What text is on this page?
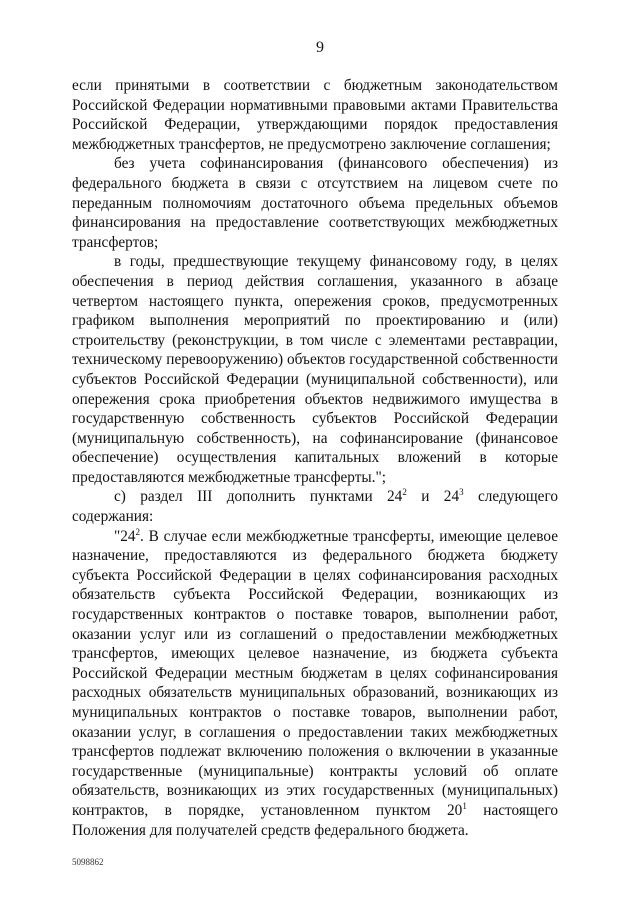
9

если принятыми в соответствии с бюджетным законодательством Российской Федерации нормативными правовыми актами Правительства Российской Федерации, утверждающими порядок предоставления межбюджетных трансфертов, не предусмотрено заключение соглашения;

без учета софинансирования (финансового обеспечения) из федерального бюджета в связи с отсутствием на лицевом счете по переданным полномочиям достаточного объема предельных объемов финансирования на предоставление соответствующих межбюджетных трансфертов;

в годы, предшествующие текущему финансовому году, в целях обеспечения в период действия соглашения, указанного в абзаце четвертом настоящего пункта, опережения сроков, предусмотренных графиком выполнения мероприятий по проектированию и (или) строительству (реконструкции, в том числе с элементами реставрации, техническому перевооружению) объектов государственной собственности субъектов Российской Федерации (муниципальной собственности), или опережения срока приобретения объектов недвижимого имущества в государственную собственность субъектов Российской Федерации (муниципальную собственность), на софинансирование (финансовое обеспечение) осуществления капитальных вложений в которые предоставляются межбюджетные трансферты.";

с) раздел III дополнить пунктами $24^2$ и $24^3$ следующего содержания:

"$24^2$. В случае если межбюджетные трансферты, имеющие целевое назначение, предоставляются из федерального бюджета бюджету субъекта Российской Федерации в целях софинансирования расходных обязательств субъекта Российской Федерации, возникающих из государственных контрактов о поставке товаров, выполнении работ, оказании услуг или из соглашений о предоставлении межбюджетных трансфертов, имеющих целевое назначение, из бюджета субъекта Российской Федерации местным бюджетам в целях софинансирования расходных обязательств муниципальных образований, возникающих из муниципальных контрактов о поставке товаров, выполнении работ, оказании услуг, в соглашения о предоставлении таких межбюджетных трансфертов подлежат включению положения о включении в указанные государственные (муниципальные) контракты условий об оплате обязательств, возникающих из этих государственных (муниципальных) контрактов, в порядке, установленном пунктом $20^1$ настоящего Положения для получателей средств федерального бюджета.

5098862
